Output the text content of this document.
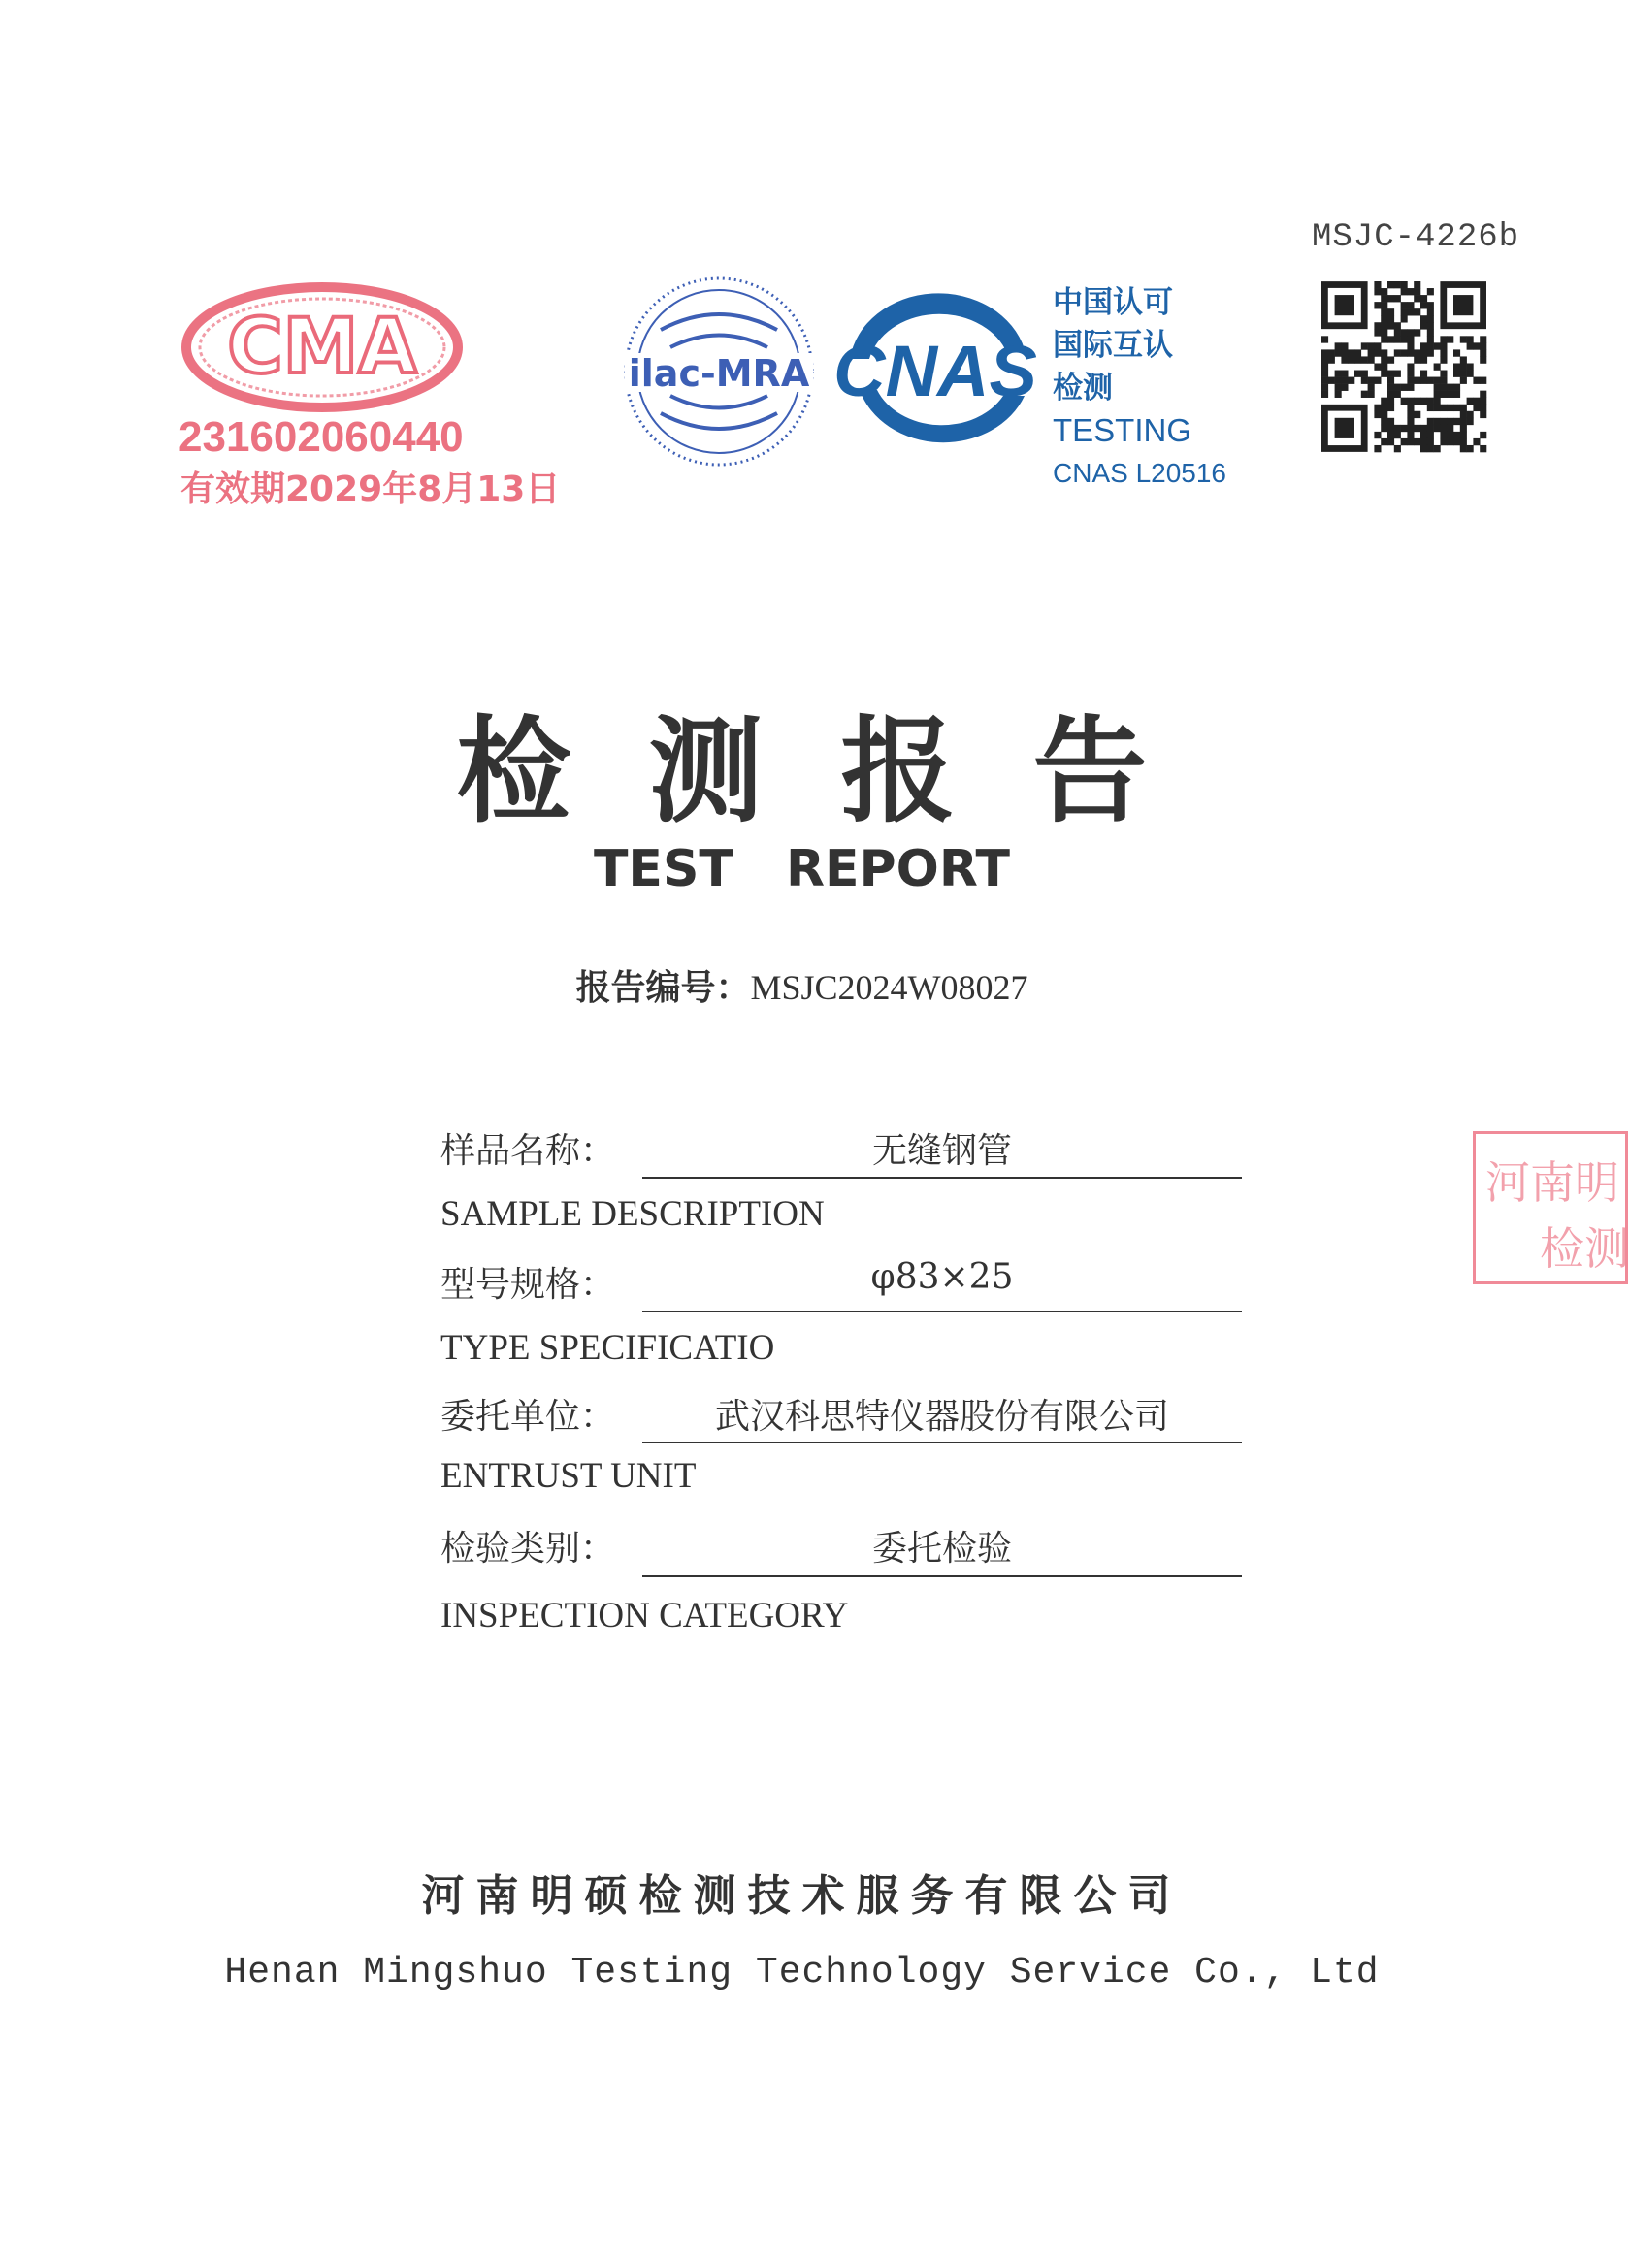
MSJC-4226b
CMA
231602060440
有效期2029年8月13日
ilac-MRA CNAS
中国认可
国际互认
检测
TESTING
CNAS L20516
检测报告
TEST REPORT
报告编号：MSJC2024W08027
样品名称：	无缝钢管
SAMPLE DESCRIPTION
型号规格：	φ83×25
TYPE SPECIFICATIO
委托单位：	武汉科思特仪器股份有限公司
ENTRUST UNIT
检验类别：	委托检验
INSPECTION CATEGORY
河南明
检测
河南明硕检测技术服务有限公司
Henan Mingshuo Testing Technology Service Co., Ltd
